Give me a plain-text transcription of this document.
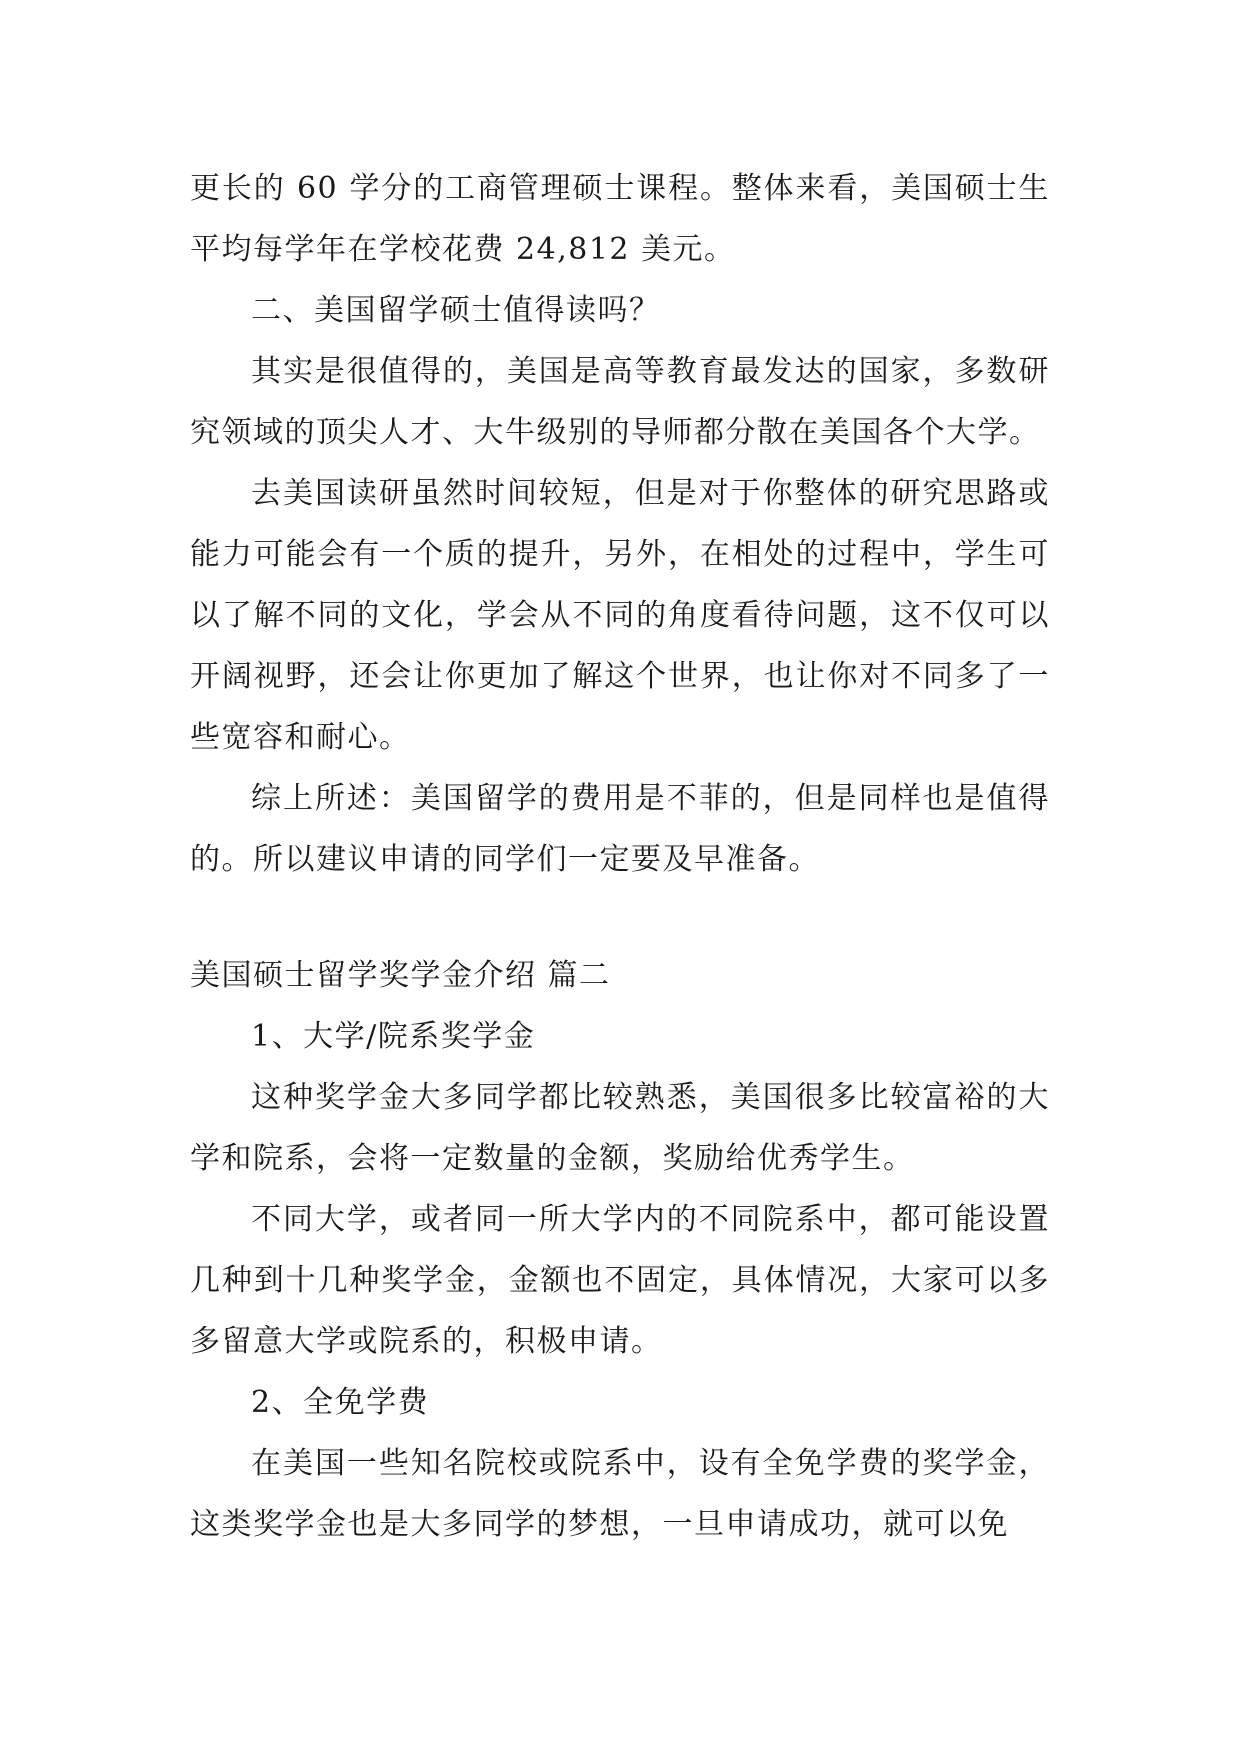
更长的 60 学分的工商管理硕士课程。整体来看，美国硕士生平均每学年在学校花费 24,812 美元。

二、美国留学硕士值得读吗？

其实是很值得的，美国是高等教育最发达的国家，多数研究领域的顶尖人才、大牛级别的导师都分散在美国各个大学。

去美国读研虽然时间较短，但是对于你整体的研究思路或能力可能会有一个质的提升，另外，在相处的过程中，学生可以了解不同的文化，学会从不同的角度看待问题，这不仅可以开阔视野，还会让你更加了解这个世界，也让你对不同多了一些宽容和耐心。

综上所述：美国留学的费用是不菲的，但是同样也是值得的。所以建议申请的同学们一定要及早准备。

美国硕士留学奖学金介绍 篇二

1、大学/院系奖学金

这种奖学金大多同学都比较熟悉，美国很多比较富裕的大学和院系，会将一定数量的金额，奖励给优秀学生。

不同大学，或者同一所大学内的不同院系中，都可能设置几种到十几种奖学金，金额也不固定，具体情况，大家可以多多留意大学或院系的，积极申请。

2、全免学费

在美国一些知名院校或院系中，设有全免学费的奖学金，这类奖学金也是大多同学的梦想，一旦申请成功，就可以免
